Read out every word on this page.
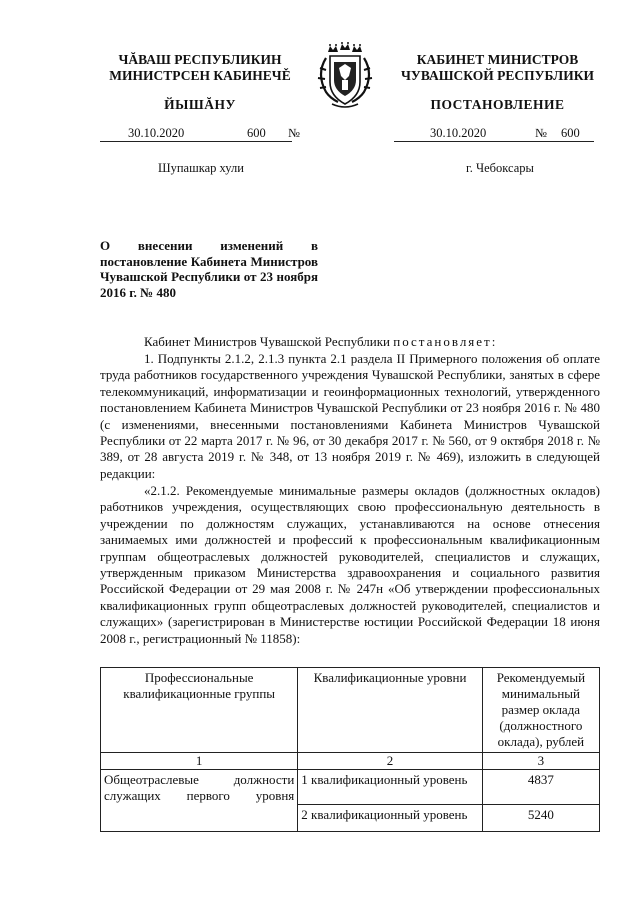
ЧĂВАШ РЕСПУБЛИКИН
МИНИСТРСЕН КАБИНЕЧĚ
ЙЫШĂНУ
КАБИНЕТ МИНИСТРОВ
ЧУВАШСКОЙ РЕСПУБЛИКИ
ПОСТАНОВЛЕНИЕ
30.10.2020	600 №	30.10.2020	№ 600
Шупашкар хули	г. Чебоксары
О внесении изменений в постановление Кабинета Министров Чувашской Республики от 23 ноября 2016 г. № 480
Кабинет Министров Чувашской Республики постановляет:
1. Подпункты 2.1.2, 2.1.3 пункта 2.1 раздела II Примерного положения об оплате труда работников государственного учреждения Чувашской Республики, занятых в сфере телекоммуникаций, информатизации и геоинформационных технологий, утвержденного постановлением Кабинета Министров Чувашской Республики от 23 ноября 2016 г. № 480 (с изменениями, внесенными постановлениями Кабинета Министров Чувашской Республики от 22 марта 2017 г. № 96, от 30 декабря 2017 г. № 560, от 9 октября 2018 г. № 389, от 28 августа 2019 г. № 348, от 13 ноября 2019 г. № 469), изложить в следующей редакции:
«2.1.2. Рекомендуемые минимальные размеры окладов (должностных окладов) работников учреждения, осуществляющих свою профессиональную деятельность в учреждении по должностям служащих, устанавливаются на основе отнесения занимаемых ими должностей и профессий к профессиональным квалификационным группам общеотраслевых должностей руководителей, специалистов и служащих, утвержденным приказом Министерства здравоохранения и социального развития Российской Федерации от 29 мая 2008 г. № 247н «Об утверждении профессиональных квалификационных групп общеотраслевых должностей руководителей, специалистов и служащих» (зарегистрирован в Министерстве юстиции Российской Федерации 18 июня 2008 г., регистрационный № 11858):
Профессиональные квалификационные группы	Квалификационные уровни	Рекомендуемый минимальный размер оклада (должностного оклада), рублей
1	2	3
Общеотраслевые должности служащих первого уровня	1 квалификационный уровень	4837
	2 квалификационный уровень	5240
